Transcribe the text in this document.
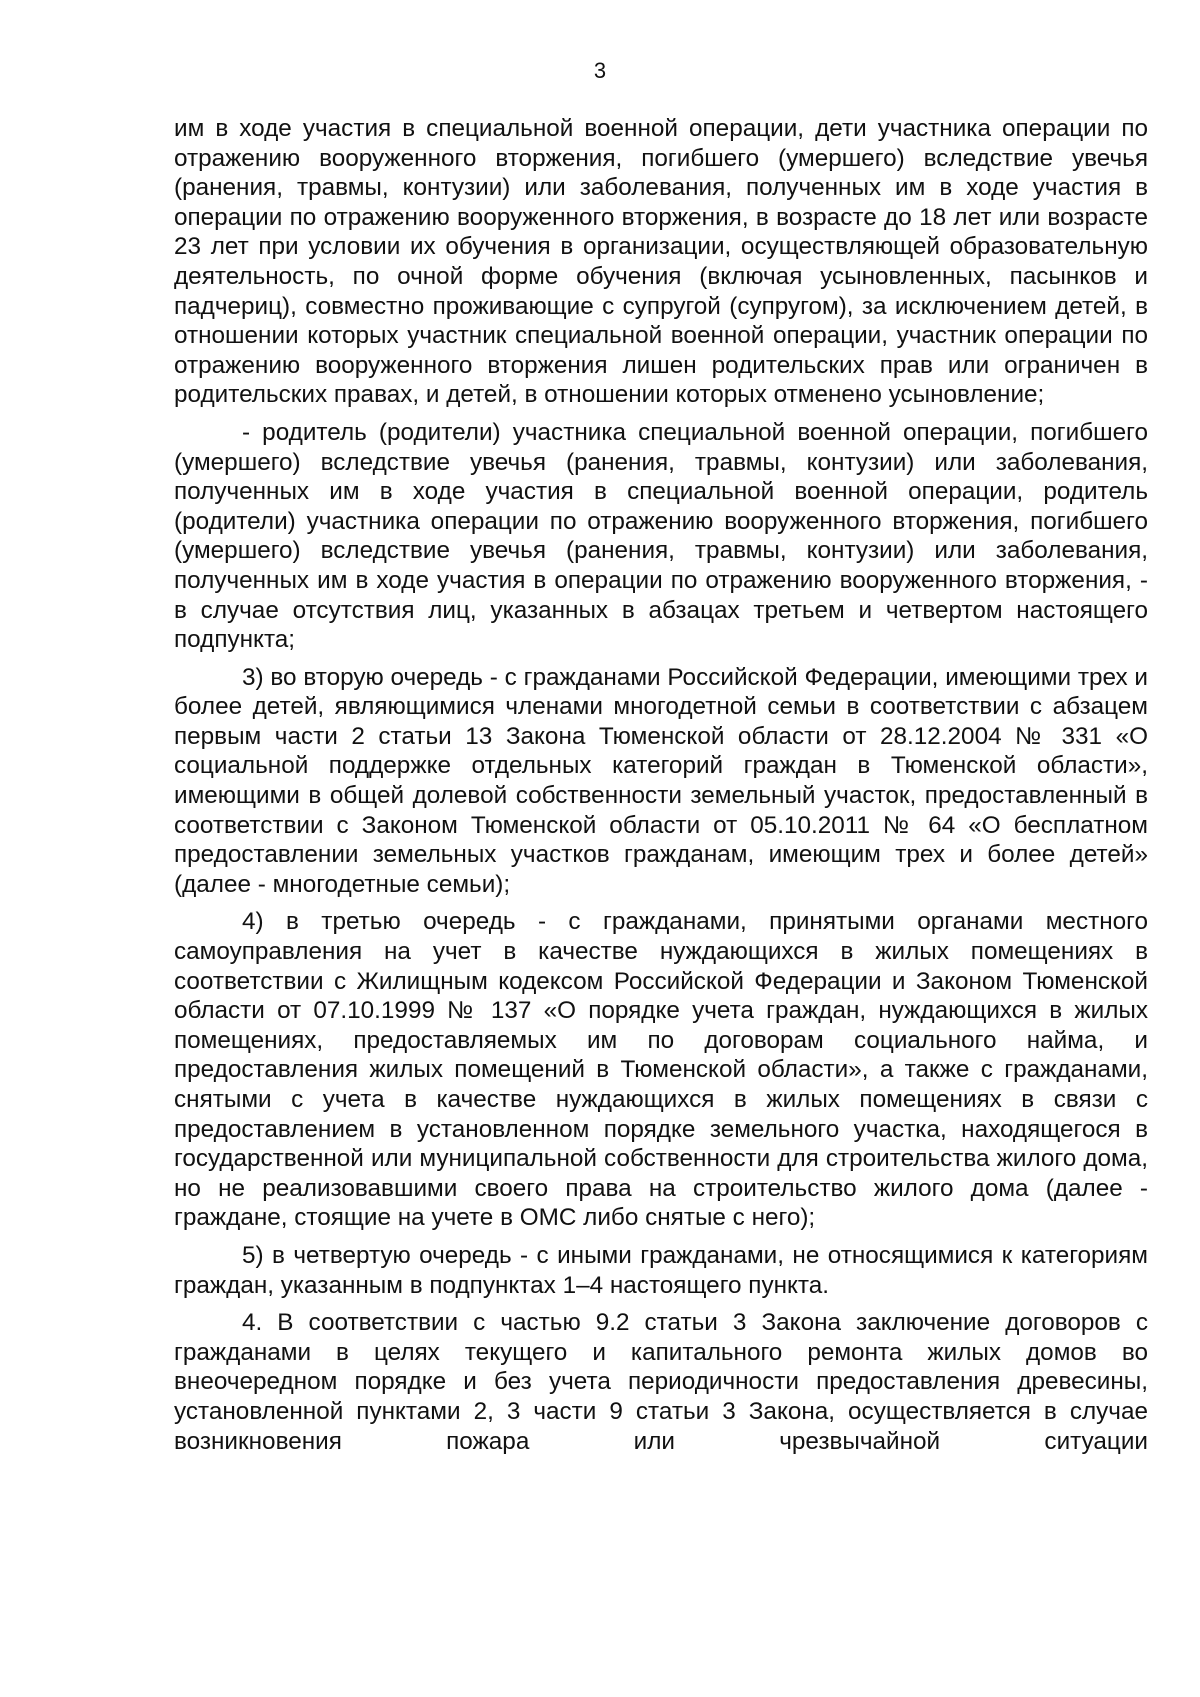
3

им в ходе участия в специальной военной операции, дети участника операции по отражению вооруженного вторжения, погибшего (умершего) вследствие увечья (ранения, травмы, контузии) или заболевания, полученных им в ходе участия в операции по отражению вооруженного вторжения, в возрасте до 18 лет или возрасте 23 лет при условии их обучения в организации, осуществляющей образовательную деятельность, по очной форме обучения (включая усыновленных, пасынков и падчериц), совместно проживающие с супругой (супругом), за исключением детей, в отношении которых участник специальной военной операции, участник операции по отражению вооруженного вторжения лишен родительских прав или ограничен в родительских правах, и детей, в отношении которых отменено усыновление;

- родитель (родители) участника специальной военной операции, погибшего (умершего) вследствие увечья (ранения, травмы, контузии) или заболевания, полученных им в ходе участия в специальной военной операции, родитель (родители) участника операции по отражению вооруженного вторжения, погибшего (умершего) вследствие увечья (ранения, травмы, контузии) или заболевания, полученных им в ходе участия в операции по отражению вооруженного вторжения, - в случае отсутствия лиц, указанных в абзацах третьем и четвертом настоящего подпункта;

3) во вторую очередь - с гражданами Российской Федерации, имеющими трех и более детей, являющимися членами многодетной семьи в соответствии с абзацем первым части 2 статьи 13 Закона Тюменской области от 28.12.2004 № 331 «О социальной поддержке отдельных категорий граждан в Тюменской области», имеющими в общей долевой собственности земельный участок, предоставленный в соответствии с Законом Тюменской области от 05.10.2011 № 64 «О бесплатном предоставлении земельных участков гражданам, имеющим трех и более детей» (далее - многодетные семьи);

4) в третью очередь - с гражданами, принятыми органами местного самоуправления на учет в качестве нуждающихся в жилых помещениях в соответствии с Жилищным кодексом Российской Федерации и Законом Тюменской области от 07.10.1999 № 137 «О порядке учета граждан, нуждающихся в жилых помещениях, предоставляемых им по договорам социального найма, и предоставления жилых помещений в Тюменской области», а также с гражданами, снятыми с учета в качестве нуждающихся в жилых помещениях в связи с предоставлением в установленном порядке земельного участка, находящегося в государственной или муниципальной собственности для строительства жилого дома, но не реализовавшими своего права на строительство жилого дома (далее - граждане, стоящие на учете в ОМС либо снятые с него);

5) в четвертую очередь - с иными гражданами, не относящимися к категориям граждан, указанным в подпунктах 1–4 настоящего пункта.

4. В соответствии с частью 9.2 статьи 3 Закона заключение договоров с гражданами в целях текущего и капитального ремонта жилых домов во внеочередном порядке и без учета периодичности предоставления древесины, установленной пунктами 2, 3 части 9 статьи 3 Закона, осуществляется в случае возникновения пожара или чрезвычайной ситуации
